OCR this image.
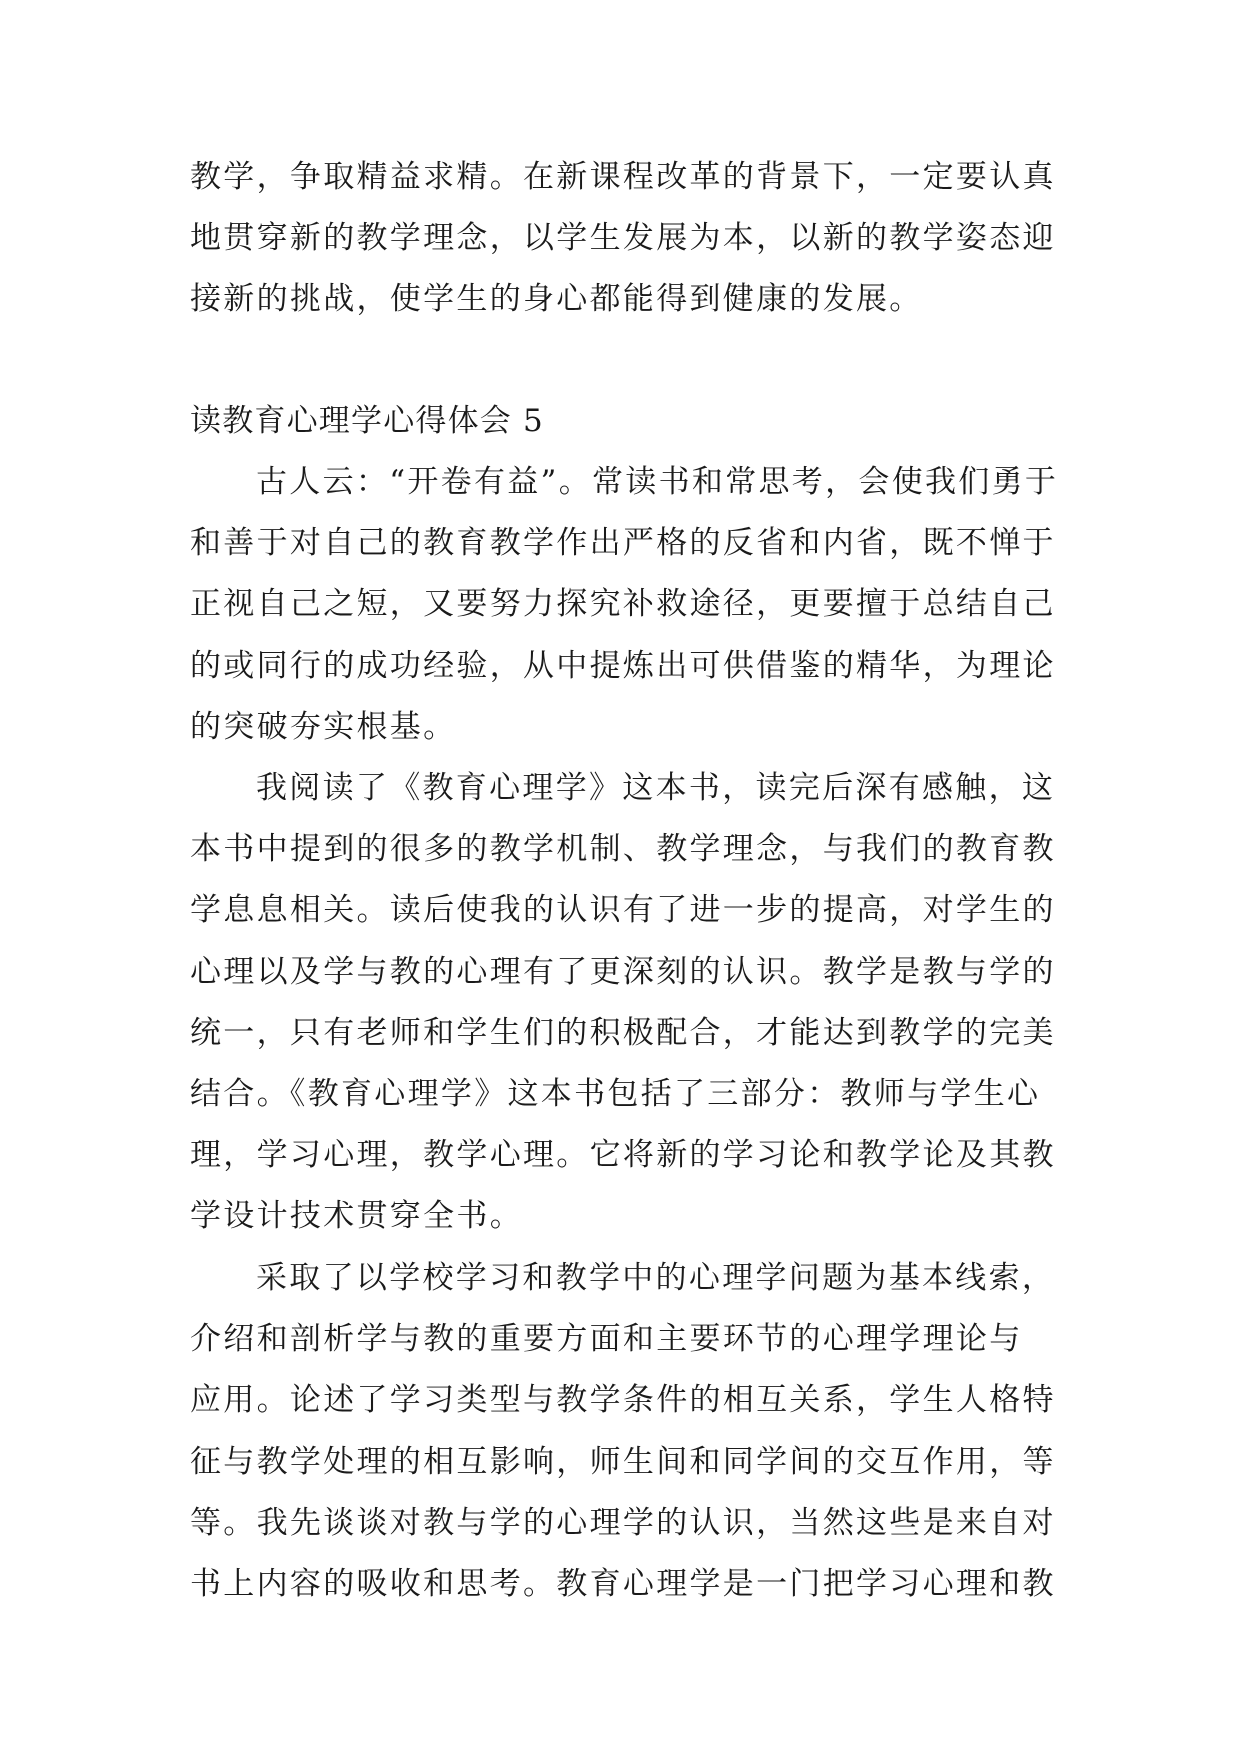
教学，争取精益求精。在新课程改革的背景下，一定要认真
地贯穿新的教学理念，以学生发展为本，以新的教学姿态迎
接新的挑战，使学生的身心都能得到健康的发展。
读教育心理学心得体会 5
古人云：“开卷有益”。常读书和常思考，会使我们勇于
和善于对自己的教育教学作出严格的反省和内省，既不惮于
正视自己之短，又要努力探究补救途径，更要擅于总结自己
的或同行的成功经验，从中提炼出可供借鉴的精华，为理论
的突破夯实根基。
我阅读了《教育心理学》这本书，读完后深有感触，这
本书中提到的很多的教学机制、教学理念，与我们的教育教
学息息相关。读后使我的认识有了进一步的提高，对学生的
心理以及学与教的心理有了更深刻的认识。教学是教与学的
统一，只有老师和学生们的积极配合，才能达到教学的完美
结合。《教育心理学》这本书包括了三部分：教师与学生心
理，学习心理，教学心理。它将新的学习论和教学论及其教
学设计技术贯穿全书。
采取了以学校学习和教学中的心理学问题为基本线索，
介绍和剖析学与教的重要方面和主要环节的心理学理论与
应用。论述了学习类型与教学条件的相互关系，学生人格特
征与教学处理的相互影响，师生间和同学间的交互作用，等
等。我先谈谈对教与学的心理学的认识，当然这些是来自对
书上内容的吸收和思考。教育心理学是一门把学习心理和教
